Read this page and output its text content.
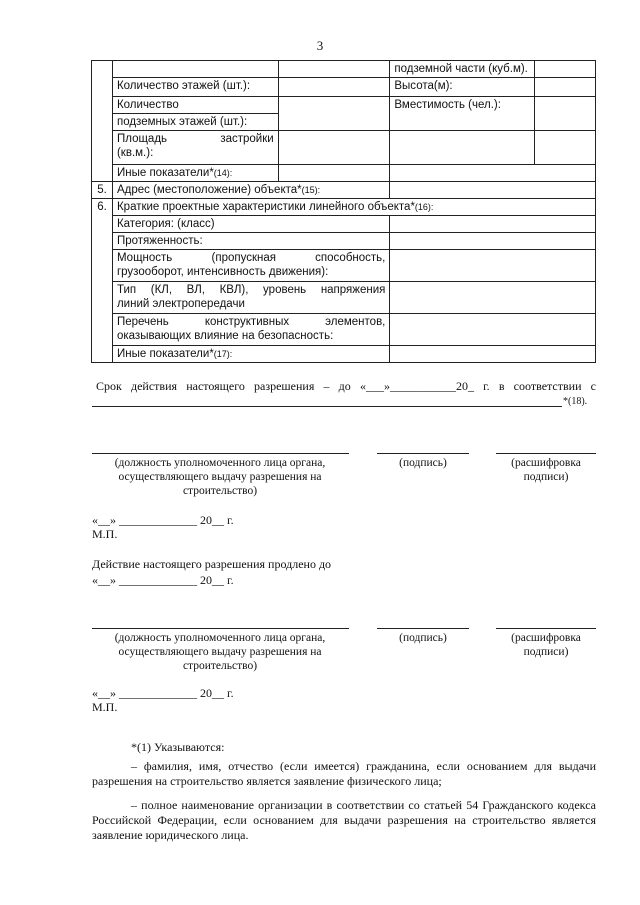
3
			подземной части (куб.м).	
	Количество этажей (шт.):		Высота(м):	
	Количество		Вместимость (чел.):	
	подземных этажей (шт.):			

	Площадь застройки
(кв.м.):			

	Иные показатели*(14):			
5.	Адрес (местоположение) объекта*(15):			
6.	Краткие проектные характеристики линейного объекта*(16):			
	Категория: (класс)			
	Протяженность:			

	Мощность (пропускная способность,
грузооборот, интенсивность движения):			

	Тип (КЛ, ВЛ, КВЛ), уровень напряжения
линий электропередачи			

	Перечень конструктивных элементов,
оказывающих влияние на безопасность:			

	Иные показатели*(17):			
Срок действия настоящего разрешения – до «___»___________20_ г. в соответствии с
*(18).
(должность уполномоченного лица органа, осуществляющего выдачу разрешения на строительство)
(подпись)	(расшифровка подписи)
«__» _____________ 20__ г.
М.П.
Действие настоящего разрешения продлено до
«__» _____________ 20__ г.
(должность уполномоченного лица органа, осуществляющего выдачу разрешения на строительство)
(подпись)	(расшифровка подписи)
«__» _____________ 20__ г.
М.П.
*(1) Указываются:
– фамилия, имя, отчество (если имеется) гражданина, если основанием для выдачи разрешения на строительство является заявление физического лица;
– полное наименование организации в соответствии со статьей 54 Гражданского кодекса Российской Федерации, если основанием для выдачи разрешения на строительство является заявление юридического лица.
